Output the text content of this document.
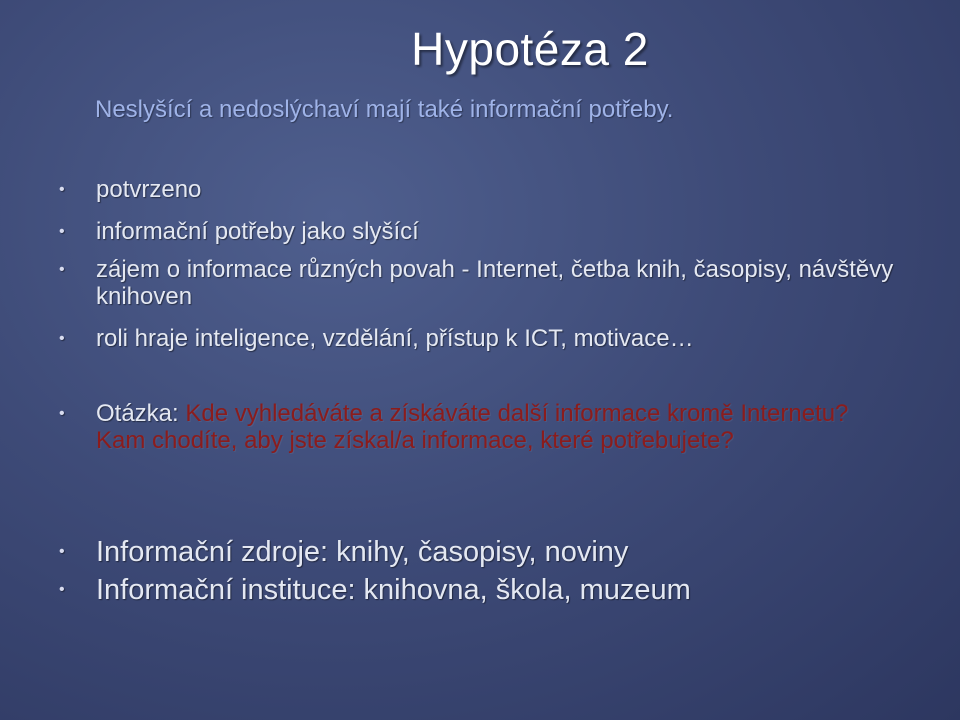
Hypotéza 2
Neslyšící a nedoslýchaví mají také informační potřeby.
• potvrzeno
• informační potřeby jako slyšící
• zájem o informace různých povah - Internet, četba knih, časopisy, návštěvy knihoven
• roli hraje inteligence, vzdělání, přístup k ICT, motivace…
• Otázka: Kde vyhledáváte a získáváte další informace kromě Internetu? Kam chodíte, aby jste získal/a informace, které potřebujete?
• Informační zdroje: knihy, časopisy, noviny
• Informační instituce: knihovna, škola, muzeum
